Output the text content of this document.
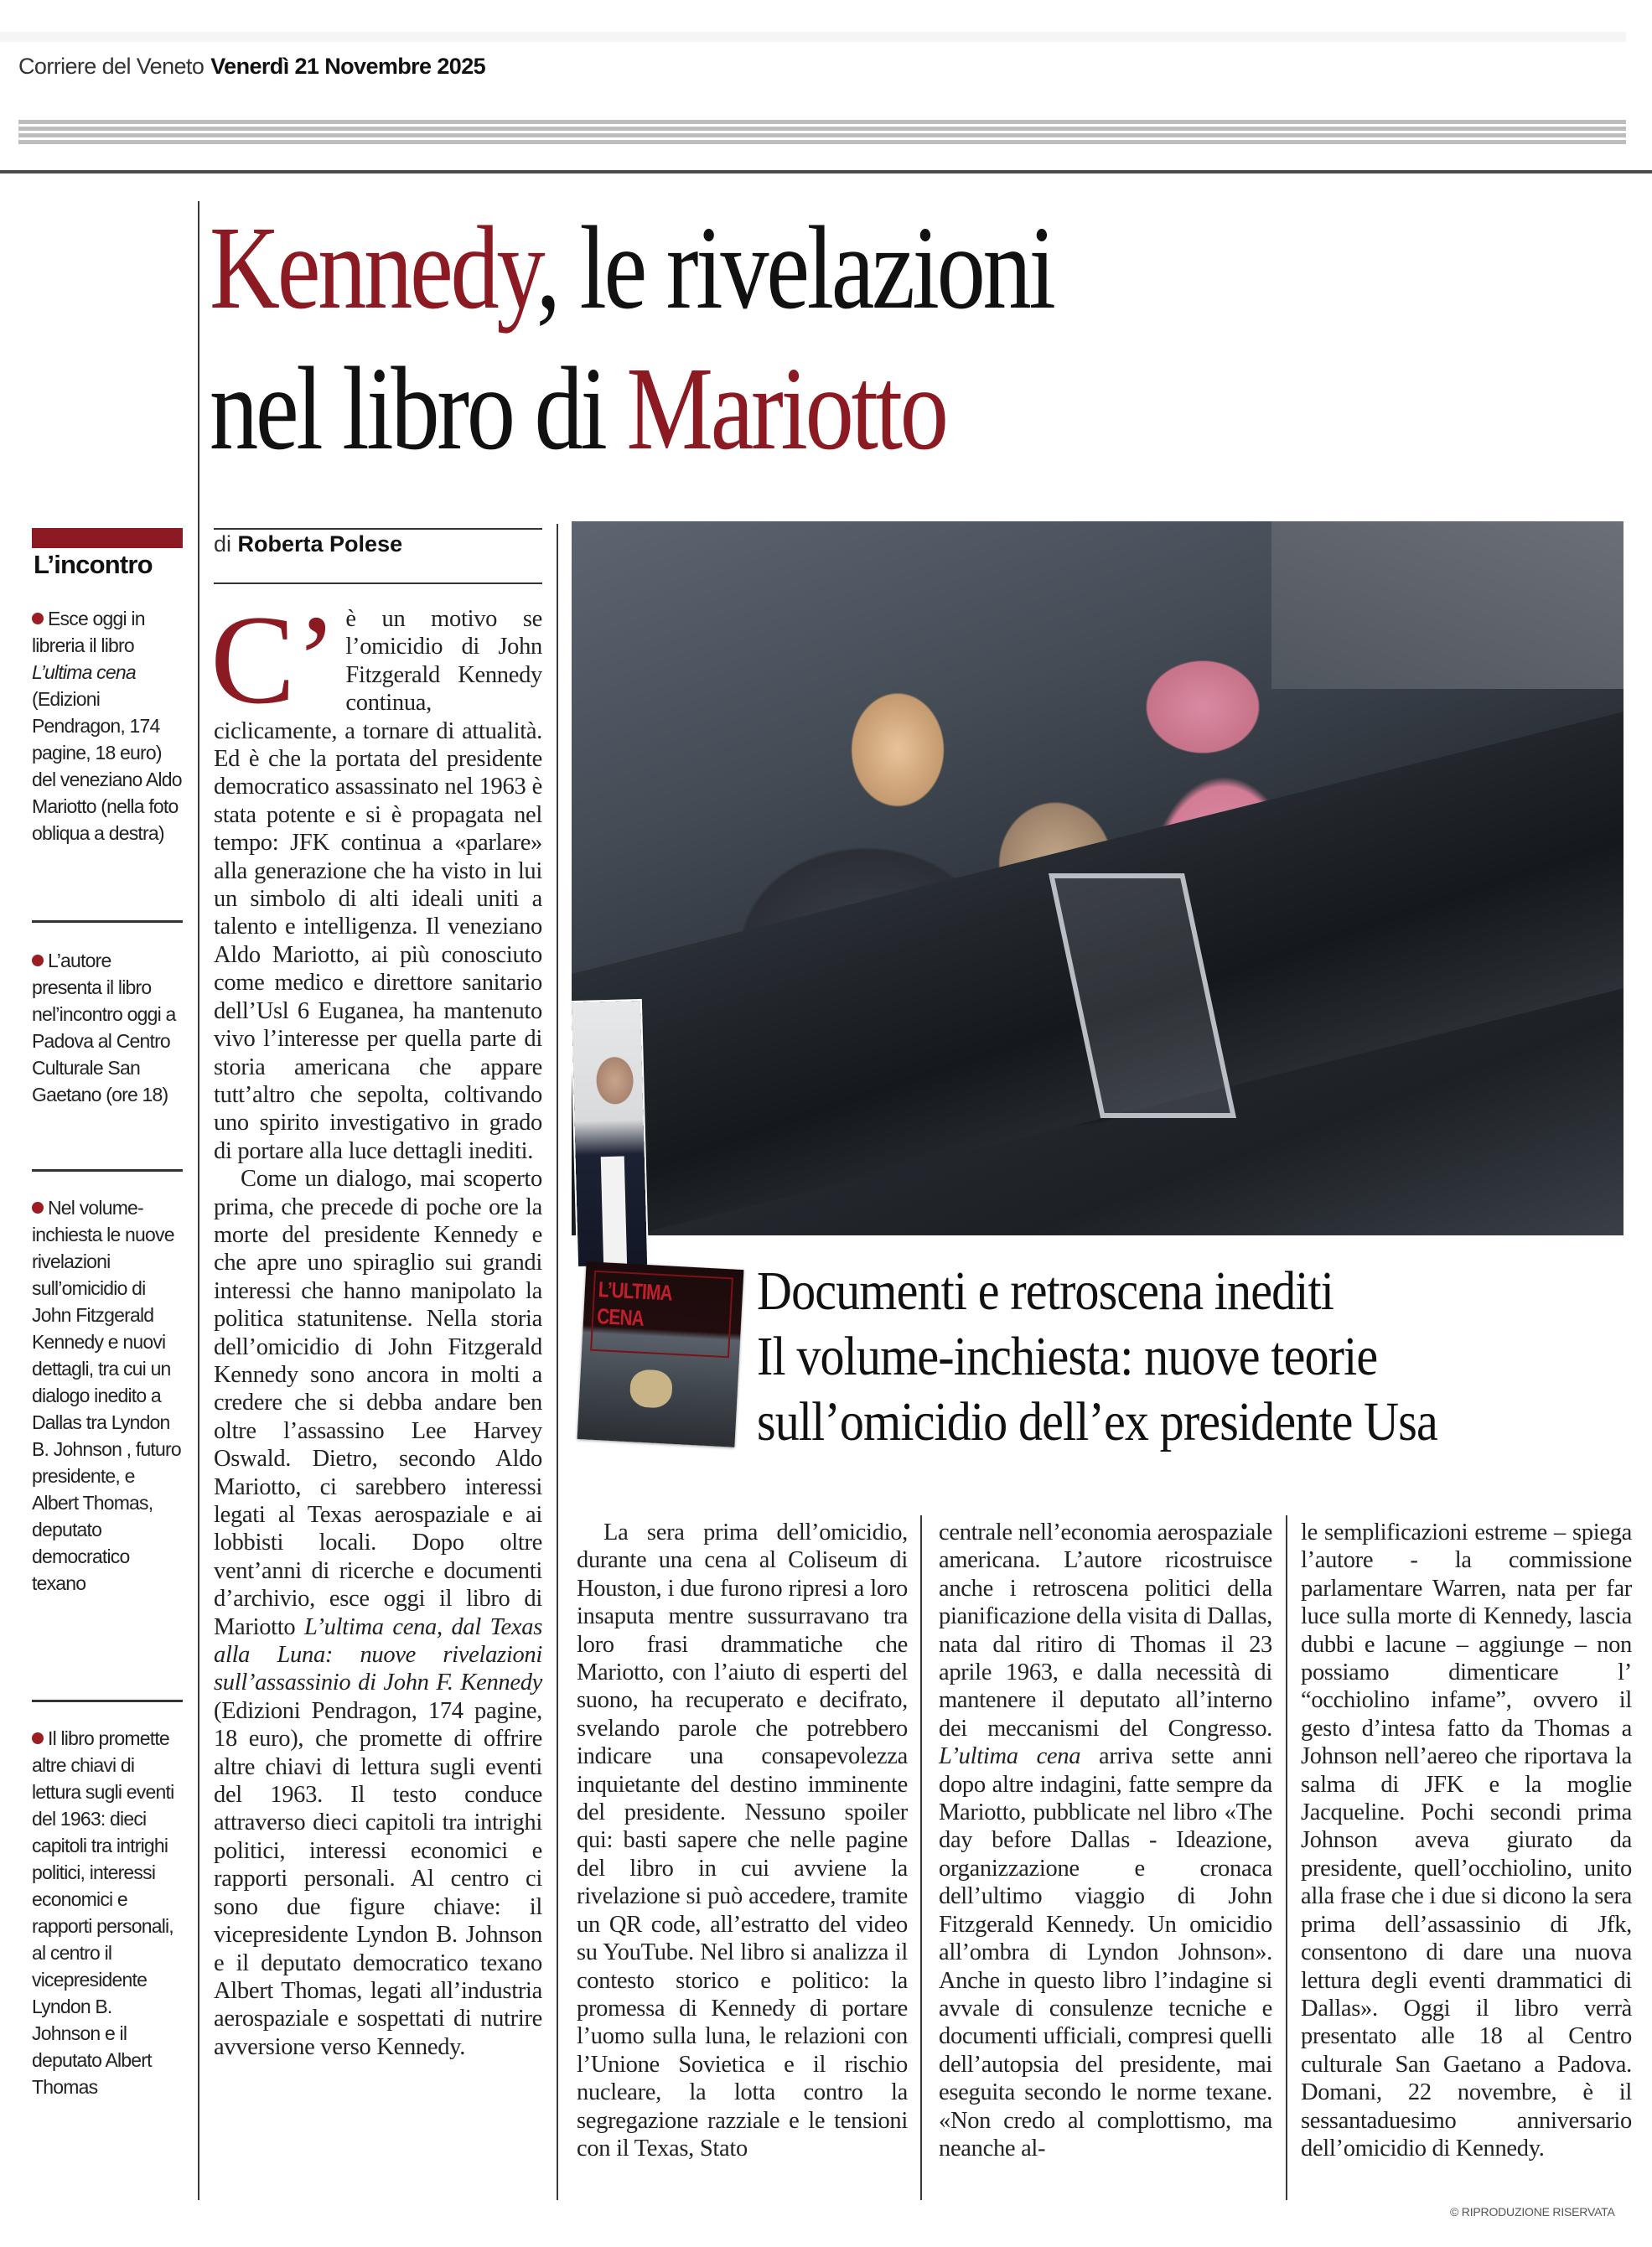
Corriere del Veneto Venerdì 21 Novembre 2025
Kennedy, le rivelazioni
nel libro di Mariotto
L’incontro
Esce oggi in libreria il libro L’ultima cena (Edizioni Pendragon, 174 pagine, 18 euro) del veneziano Aldo Mariotto (nella foto obliqua a destra)
L’autore presenta il libro nel’incontro oggi a Padova al Centro Culturale San Gaetano (ore 18)
Nel volume-inchiesta le nuove rivelazioni sull’omicidio di John Fitzgerald Kennedy e nuovi dettagli, tra cui un dialogo inedito a Dallas tra Lyndon B. Johnson , futuro presidente, e Albert Thomas, deputato democratico texano
Il libro promette altre chiavi di lettura sugli eventi del 1963: dieci capitoli tra intrighi politici, interessi economici e rapporti personali, al centro il vicepresidente Lyndon B. Johnson e il deputato Albert Thomas
di Roberta Polese

C’ è un motivo se l’omicidio di John Fitzgerald Kennedy continua, ciclicamente, a tornare di attualità. Ed è che la portata del presidente democratico assassinato nel 1963 è stata potente e si è propagata nel tempo: JFK continua a «parlare» alla generazione che ha visto in lui un simbolo di alti ideali uniti a talento e intelligenza. Il veneziano Aldo Mariotto, ai più conosciuto come medico e direttore sanitario dell’Usl 6 Euganea, ha mantenuto vivo l’interesse per quella parte di storia americana che appare tutt’altro che sepolta, coltivando uno spirito investigativo in grado di portare alla luce dettagli inediti.

Come un dialogo, mai scoperto prima, che precede di poche ore la morte del presidente Kennedy e che apre uno spiraglio sui grandi interessi che hanno manipolato la politica statunitense. Nella storia dell’omicidio di John Fitzgerald Kennedy sono ancora in molti a credere che si debba andare ben oltre l’assassino Lee Harvey Oswald. Dietro, secondo Aldo Mariotto, ci sarebbero interessi legati al Texas aerospaziale e ai lobbisti locali. Dopo oltre vent’anni di ricerche e documenti d’archivio, esce oggi il libro di Mariotto L’ultima cena, dal Texas alla Luna: nuove rivelazioni sull’assassinio di John F. Kennedy (Edizioni Pendragon, 174 pagine, 18 euro), che promette di offrire altre chiavi di lettura sugli eventi del 1963. Il testo conduce attraverso dieci capitoli tra intrighi politici, interessi economici e rapporti personali. Al centro ci sono due figure chiave: il vicepresidente Lyndon B. Johnson e il deputato democratico texano Albert Thomas, legati all’industria aerospaziale e sospettati di nutrire avversione verso Kennedy.

L’ULTIMA
CENA Documenti e retroscena inediti
Il volume-inchiesta: nuove teorie
sull’omicidio dell’ex presidente Usa

La sera prima dell’omicidio, durante una cena al Coliseum di Houston, i due furono ripresi a loro insaputa mentre sussurravano tra loro frasi drammatiche che Mariotto, con l’aiuto di esperti del suono, ha recuperato e decifrato, svelando parole che potrebbero indicare una consapevolezza inquietante del destino imminente del presidente. Nessuno spoiler qui: basti sapere che nelle pagine del libro in cui avviene la rivelazione si può accedere, tramite un QR code, all’estratto del video su YouTube. Nel libro si analizza il contesto storico e politico: la promessa di Kennedy di portare l’uomo sulla luna, le relazioni con l’Unione Sovietica e il rischio nucleare, la lotta contro la segregazione razziale e le tensioni con il Texas, Stato

centrale nell’economia aerospaziale americana. L’autore ricostruisce anche i retroscena politici della pianificazione della visita di Dallas, nata dal ritiro di Thomas il 23 aprile 1963, e dalla necessità di mantenere il deputato all’interno dei meccanismi del Congresso. L’ultima cena arriva sette anni dopo altre indagini, fatte sempre da Mariotto, pubblicate nel libro «The day before Dallas - Ideazione, organizzazione e cronaca dell’ultimo viaggio di John Fitzgerald Kennedy. Un omicidio all’ombra di Lyndon Johnson». Anche in questo libro l’indagine si avvale di consulenze tecniche e documenti ufficiali, compresi quelli dell’autopsia del presidente, mai eseguita secondo le norme texane. «Non credo al complottismo, ma neanche al-

le semplificazioni estreme – spiega l’autore - la commissione parlamentare Warren, nata per far luce sulla morte di Kennedy, lascia dubbi e lacune – aggiunge – non possiamo dimenticare l’ “occhiolino infame”, ovvero il gesto d’intesa fatto da Thomas a Johnson nell’aereo che riportava la salma di JFK e la moglie Jacqueline. Pochi secondi prima Johnson aveva giurato da presidente, quell’occhiolino, unito alla frase che i due si dicono la sera prima dell’assassinio di Jfk, consentono di dare una nuova lettura degli eventi drammatici di Dallas». Oggi il libro verrà presentato alle 18 al Centro culturale San Gaetano a Padova. Domani, 22 novembre, è il sessantaduesimo anniversario dell’omicidio di Kennedy.

© RIPRODUZIONE RISERVATA
